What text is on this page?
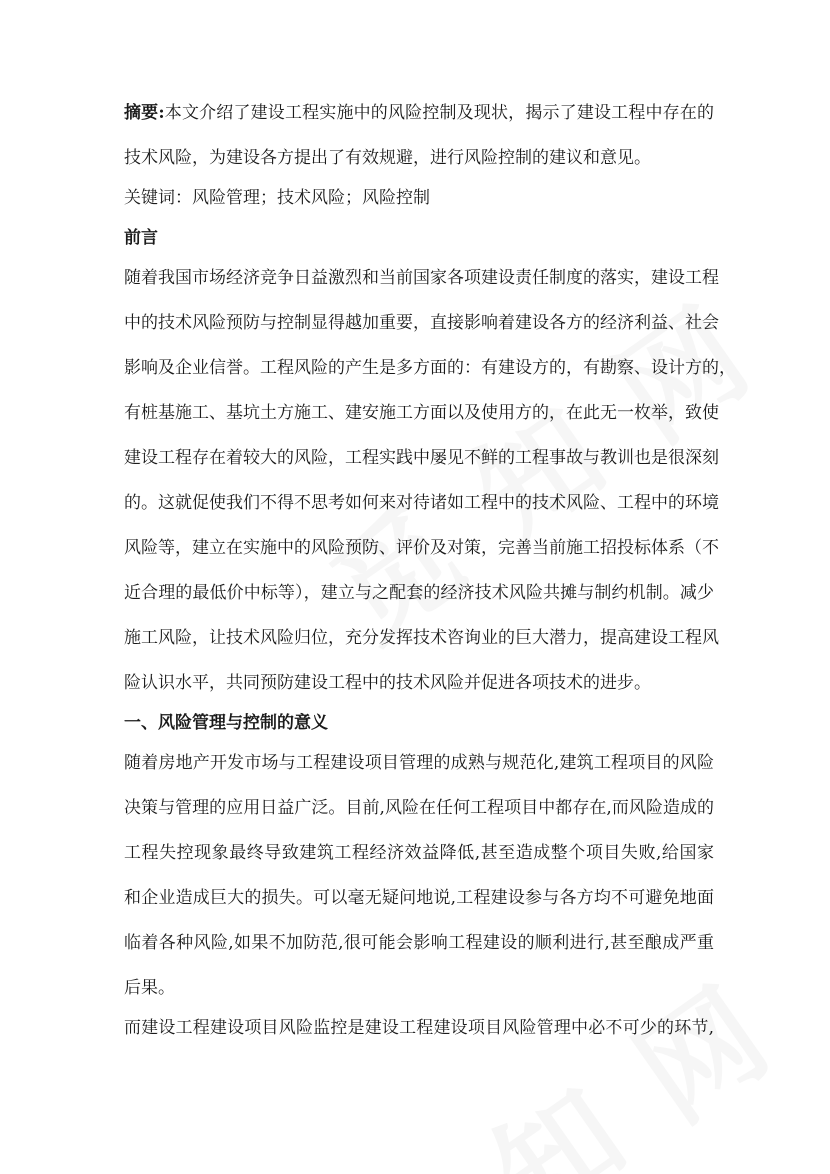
摘要:本文介绍了建设工程实施中的风险控制及现状，揭示了建设工程中存在的
技术风险，为建设各方提出了有效规避，进行风险控制的建议和意见。
关键词：风险管理；技术风险；风险控制
前言
随着我国市场经济竞争日益激烈和当前国家各项建设责任制度的落实，建设工程
中的技术风险预防与控制显得越加重要，直接影响着建设各方的经济利益、社会
影响及企业信誉。工程风险的产生是多方面的：有建设方的，有勘察、设计方的，
有桩基施工、基坑土方施工、建安施工方面以及使用方的，在此无一枚举，致使
建设工程存在着较大的风险，工程实践中屡见不鲜的工程事故与教训也是很深刻
的。这就促使我们不得不思考如何来对待诸如工程中的技术风险、工程中的环境
风险等，建立在实施中的风险预防、评价及对策，完善当前施工招投标体系（不
近合理的最低价中标等），建立与之配套的经济技术风险共摊与制约机制。减少
施工风险，让技术风险归位，充分发挥技术咨询业的巨大潜力，提高建设工程风
险认识水平，共同预防建设工程中的技术风险并促进各项技术的进步。
一、风险管理与控制的意义
随着房地产开发市场与工程建设项目管理的成熟与规范化,建筑工程项目的风险
决策与管理的应用日益广泛。目前,风险在任何工程项目中都存在,而风险造成的
工程失控现象最终导致建筑工程经济效益降低,甚至造成整个项目失败,给国家
和企业造成巨大的损失。可以毫无疑问地说,工程建设参与各方均不可避免地面
临着各种风险,如果不加防范,很可能会影响工程建设的顺利进行,甚至酿成严重
后果。
而建设工程建设项目风险监控是建设工程建设项目风险管理中必不可少的环节,
